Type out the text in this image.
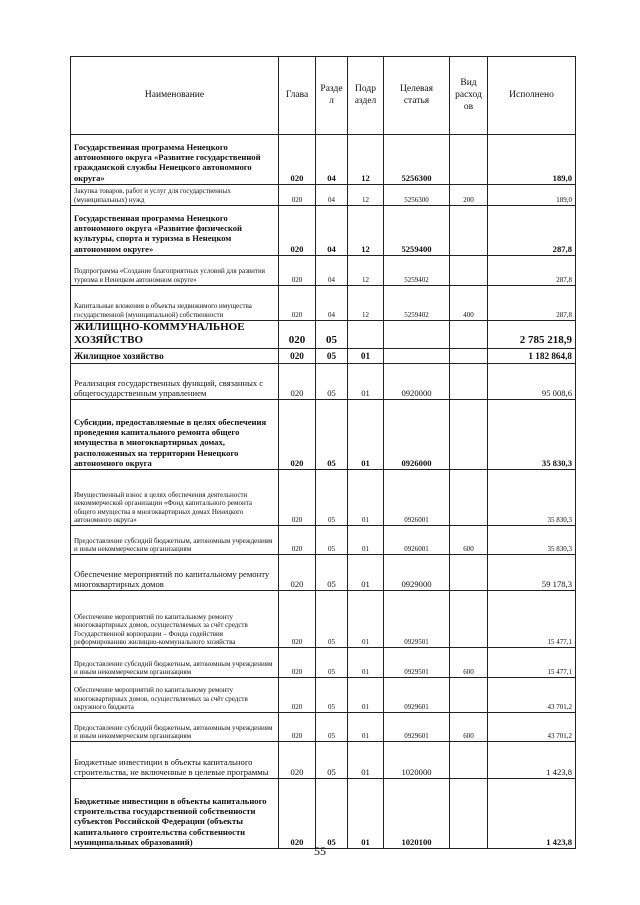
Наименование	Глава	Разде л	Подр аздел	Целевая статья	Вид расход ов	Исполнено
Государственная программа Ненецкого автономного округа «Развитие государственной гражданской службы Ненецкого автономного округа»	020	04	12	5256300		189,0
Закупка товаров, работ и услуг для государственных (муниципальных) нужд	020	04	12	5256300	200	189,0
Государственная программа Ненецкого автономного округа «Развитие физической культуры, спорта и туризма в Ненецком автономном округе»	020	04	12	5259400		287,8
Подпрограмма «Создание благоприятных условий для развития туризма в Ненецком автономном округе»	020	04	12	5259402		287,8
Капитальные вложения в объекты недвижимого имущества государственной (муниципальной) собственности	020	04	12	5259402	400	287,8
ЖИЛИЩНО-КОММУНАЛЬНОЕ ХОЗЯЙСТВО	020	05				2 785 218,9
Жилищное хозяйство	020	05	01			1 182 864,8
Реализация государственных функций, связанных с общегосударственным управлением	020	05	01	0920000		95 008,6
Субсидии, предоставляемые в целях обеспечения проведения капитального ремонта общего имущества в многоквартирных домах, расположенных на территории Ненецкого автономного округа	020	05	01	0926000		35 830,3
Имущественный взнос в целях обеспечения деятельности некоммерческой организации «Фонд капитального ремонта общего имущества в многоквартирных домах Ненецкого автономного округа»	020	05	01	0926001		35 830,3
Предоставление субсидий бюджетным, автономным учреждениям и иным некоммерческим организациям	020	05	01	0926001	600	35 830,3
Обеспечение мероприятий по капитальному ремонту многоквартирных домов	020	05	01	0929000		59 178,3
Обеспечение мероприятий по капитальному ремонту многоквартирных домов, осуществляемых за счёт средств Государственной корпорации – Фонда содействия реформированию жилищно-коммунального хозяйства	020	05	01	0929501		15 477,1
Предоставление субсидий бюджетным, автономным учреждениям и иным некоммерческим организациям	020	05	01	0929501	600	15 477,1
Обеспечение мероприятий по капитальному ремонту многоквартирных домов, осуществляемых за счёт средств окружного бюджета	020	05	01	0929601		43 701,2
Предоставление субсидий бюджетным, автономным учреждениям и иным некоммерческим организациям	020	05	01	0929601	600	43 701,2
Бюджетные инвестиции в объекты капитального строительства, не включенные в целевые программы	020	05	01	1020000		1 423,8
Бюджетные инвестиции в объекты капитального строительства государственной собственности субъектов Российской Федерации (объекты капитального строительства собственности муниципальных образований)	020	05	01	1020100		1 423,8
55
